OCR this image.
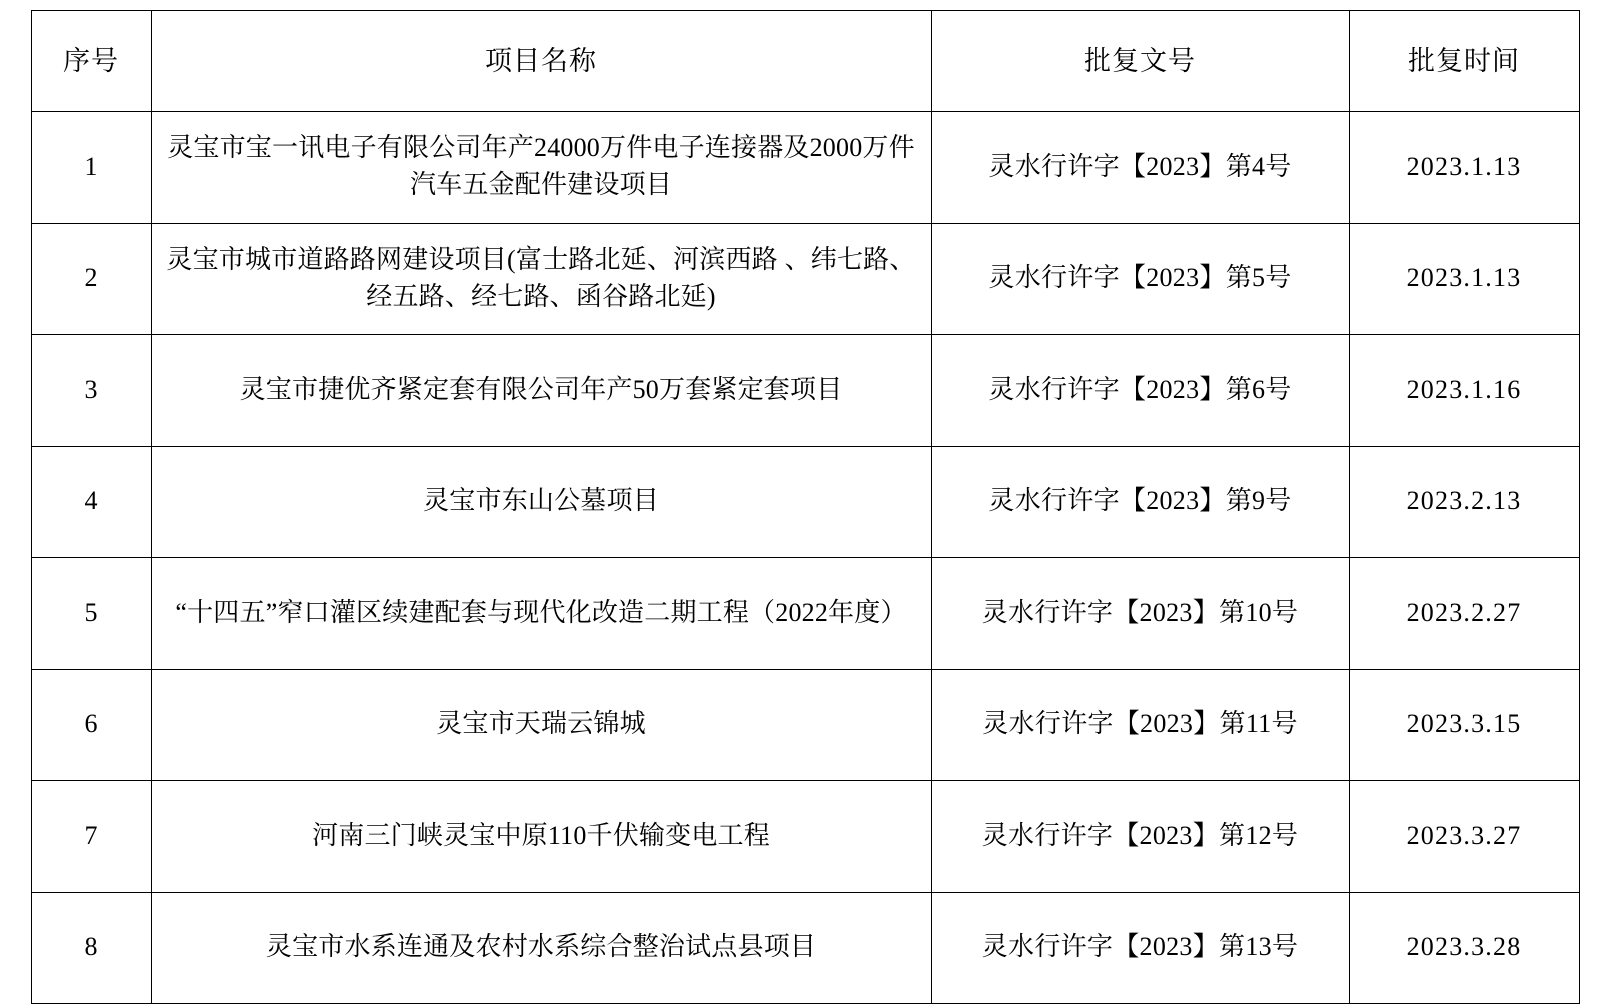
序号	项目名称	批复文号	批复时间
1	灵宝市宝一讯电子有限公司年产24000万件电子连接器及2000万件汽车五金配件建设项目	灵水行许字【2023】第4号	2023.1.13
2	灵宝市城市道路路网建设项目(富士路北延、河滨西路 、纬七路、经五路、经七路、函谷路北延)	灵水行许字【2023】第5号	2023.1.13
3	灵宝市捷优齐紧定套有限公司年产50万套紧定套项目	灵水行许字【2023】第6号	2023.1.16
4	灵宝市东山公墓项目	灵水行许字【2023】第9号	2023.2.13
5	“十四五”窄口灌区续建配套与现代化改造二期工程（2022年度）	灵水行许字【2023】第10号	2023.2.27
6	灵宝市天瑞云锦城	灵水行许字【2023】第11号	2023.3.15
7	河南三门峡灵宝中原110千伏输变电工程	灵水行许字【2023】第12号	2023.3.27
8	灵宝市水系连通及农村水系综合整治试点县项目	灵水行许字【2023】第13号	2023.3.28
